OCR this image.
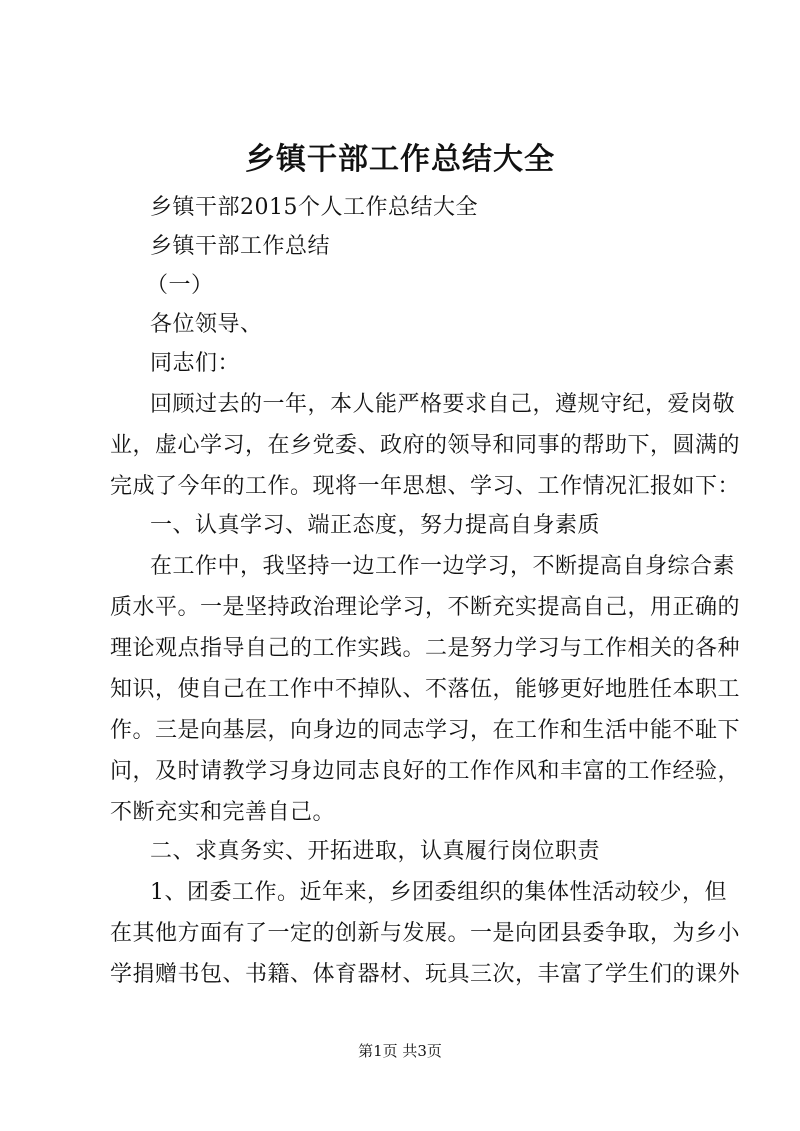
乡镇干部工作总结大全
乡镇干部2015个人工作总结大全
乡镇干部工作总结
（一）
各位领导、
同志们：
回顾过去的一年，本人能严格要求自己，遵规守纪，爱岗敬
业，虚心学习，在乡党委、政府的领导和同事的帮助下，圆满的
完成了今年的工作。现将一年思想、学习、工作情况汇报如下：
一、认真学习、端正态度，努力提高自身素质
在工作中，我坚持一边工作一边学习，不断提高自身综合素
质水平。一是坚持政治理论学习，不断充实提高自己，用正确的
理论观点指导自己的工作实践。二是努力学习与工作相关的各种
知识，使自己在工作中不掉队、不落伍，能够更好地胜任本职工
作。三是向基层，向身边的同志学习，在工作和生活中能不耻下
问，及时请教学习身边同志良好的工作作风和丰富的工作经验，
不断充实和完善自己。
二、求真务实、开拓进取，认真履行岗位职责
1、团委工作。近年来，乡团委组织的集体性活动较少，但
在其他方面有了一定的创新与发展。一是向团县委争取，为乡小
学捐赠书包、书籍、体育器材、玩具三次，丰富了学生们的课外
第1页 共3页
